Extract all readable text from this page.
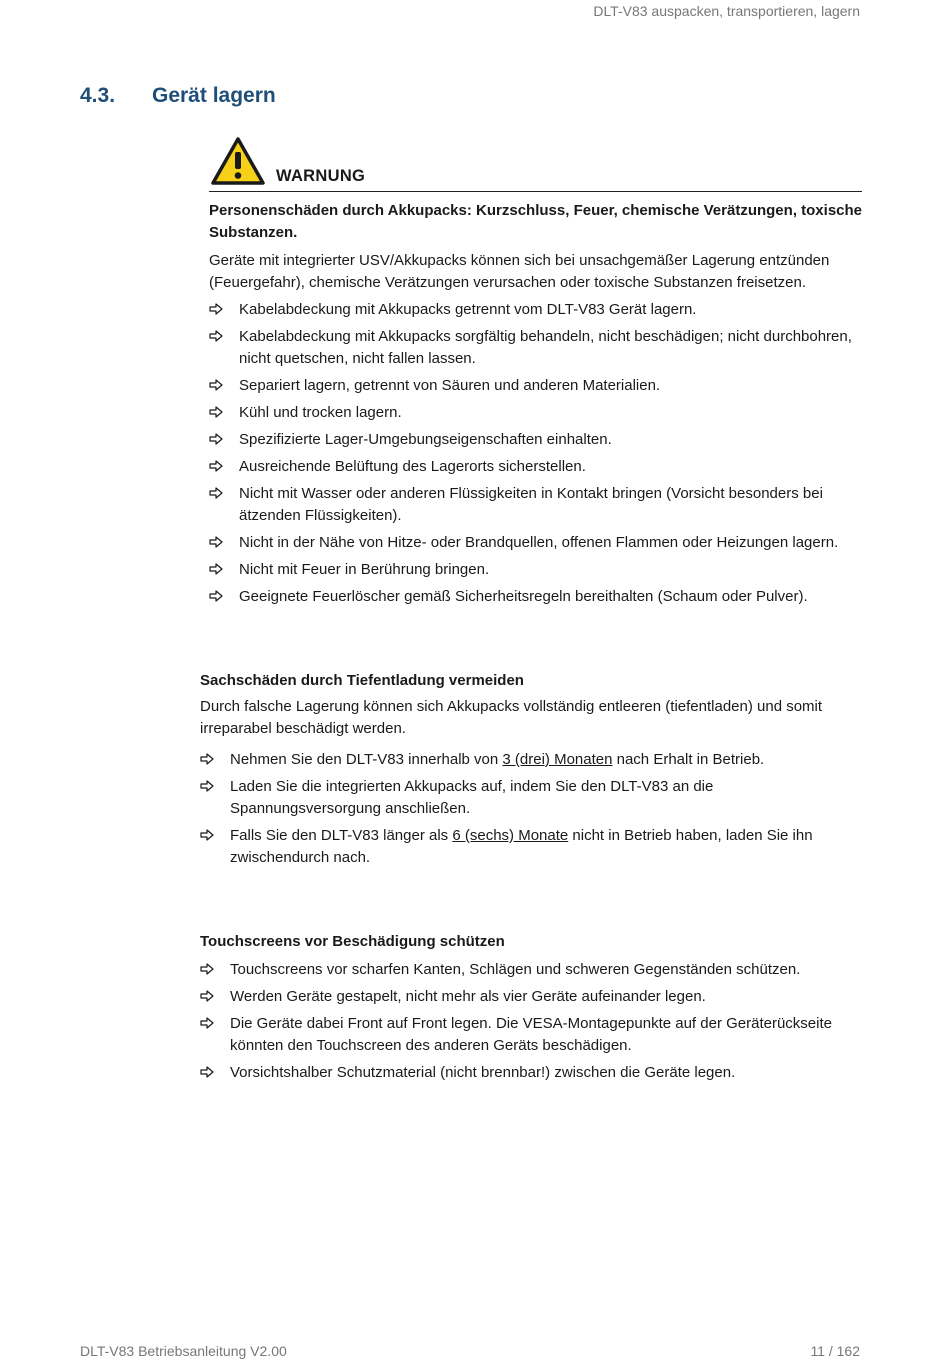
DLT-V83 auspacken, transportieren, lagern
4.3. Gerät lagern
WARNUNG
Personenschäden durch Akkupacks: Kurzschluss, Feuer, chemische Verätzungen, toxische Substanzen.
Geräte mit integrierter USV/Akkupacks können sich bei unsachgemäßer Lagerung entzünden (Feuergefahr), chemische Verätzungen verursachen oder toxische Substanzen freisetzen.
Kabelabdeckung mit Akkupacks getrennt vom DLT-V83 Gerät lagern.
Kabelabdeckung mit Akkupacks sorgfältig behandeln, nicht beschädigen; nicht durchbohren, nicht quetschen, nicht fallen lassen.
Separiert lagern, getrennt von Säuren und anderen Materialien.
Kühl und trocken lagern.
Spezifizierte Lager-Umgebungseigenschaften einhalten.
Ausreichende Belüftung des Lagerorts sicherstellen.
Nicht mit Wasser oder anderen Flüssigkeiten in Kontakt bringen (Vorsicht besonders bei ätzenden Flüssigkeiten).
Nicht in der Nähe von Hitze- oder Brandquellen, offenen Flammen oder Heizungen lagern.
Nicht mit Feuer in Berührung bringen.
Geeignete Feuerlöscher gemäß Sicherheitsregeln bereithalten (Schaum oder Pulver).
Sachschäden durch Tiefentladung vermeiden
Durch falsche Lagerung können sich Akkupacks vollständig entleeren (tiefentladen) und somit irreparabel beschädigt werden.
Nehmen Sie den DLT-V83 innerhalb von 3 (drei) Monaten nach Erhalt in Betrieb.
Laden Sie die integrierten Akkupacks auf, indem Sie den DLT-V83 an die Spannungsversorgung anschließen.
Falls Sie den DLT-V83 länger als 6 (sechs) Monate nicht in Betrieb haben, laden Sie ihn zwischendurch nach.
Touchscreens vor Beschädigung schützen
Touchscreens vor scharfen Kanten, Schlägen und schweren Gegenständen schützen.
Werden Geräte gestapelt, nicht mehr als vier Geräte aufeinander legen.
Die Geräte dabei Front auf Front legen. Die VESA-Montagepunkte auf der Geräterückseite könnten den Touchscreen des anderen Geräts beschädigen.
Vorsichtshalber Schutzmaterial (nicht brennbar!) zwischen die Geräte legen.
DLT-V83 Betriebsanleitung V2.00	11 / 162
